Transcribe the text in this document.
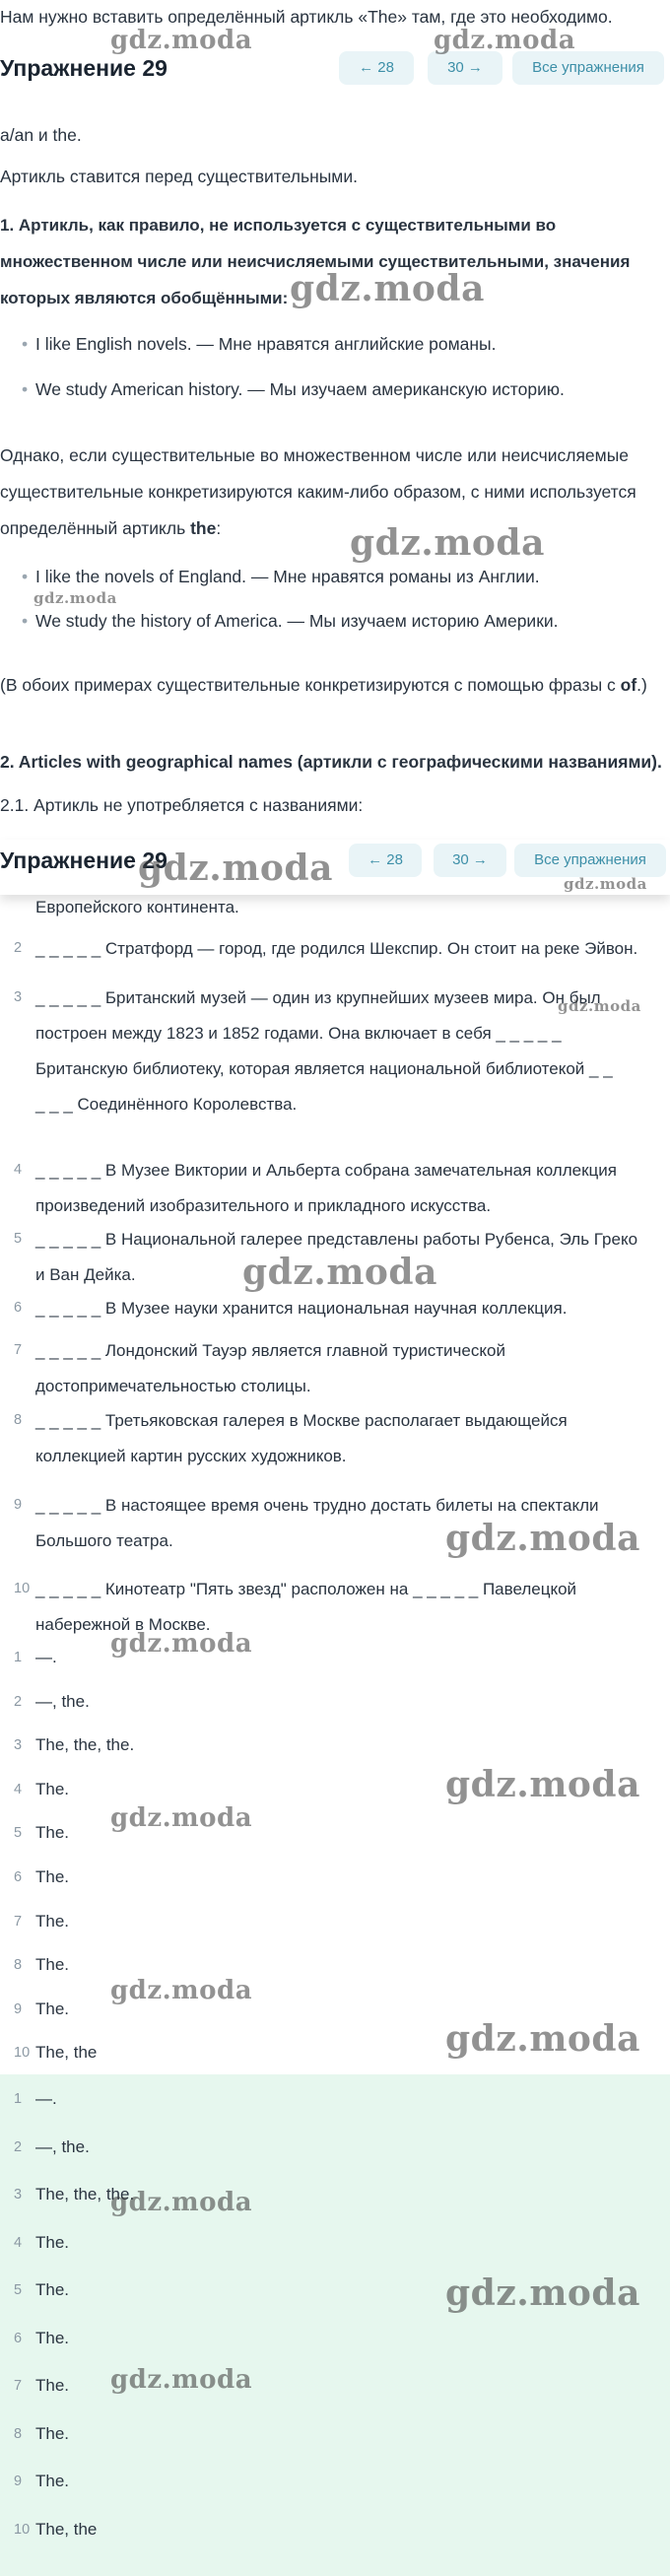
Нам нужно вставить определённый артикль «The» там, где это необходимо.
Упражнение 29	← 28	30 →	Все упражнения
a/an и the.
Артикль ставится перед существительными.
1. Артикль, как правило, не используется с существительными во множественном числе или неисчисляемыми существительными, значения которых являются обобщёнными:
• I like English novels. — Мне нравятся английские романы.
• We study American history. — Мы изучаем американскую историю.
Однако, если существительные во множественном числе или неисчисляемые существительные конкретизируются каким-либо образом, с ними используется определённый артикль the:
• I like the novels of England. — Мне нравятся романы из Англии.
• We study the history of America. — Мы изучаем историю Америки.
(В обоих примерах существительные конкретизируются с помощью фразы с of.)
2. Articles with geographical names (артикли с географическими названиями).
2.1. Артикль не употребляется с названиями:
Упражнение 29	← 28	30 →	Все упражнения
Европейского континента.
2 _ _ _ _ _ Стратфорд — город, где родился Шекспир. Он стоит на реке Эйвон.
3 _ _ _ _ _ Британский музей — один из крупнейших музеев мира. Он был
построен между 1823 и 1852 годами. Она включает в себя _ _ _ _ _
Британскую библиотеку, которая является национальной библиотекой _ _
_ _ _ Соединённого Королевства.
4 _ _ _ _ _ В Музее Виктории и Альберта собрана замечательная коллекция
произведений изобразительного и прикладного искусства.
5 _ _ _ _ _ В Национальной галерее представлены работы Рубенса, Эль Греко
и Ван Дейка.
6 _ _ _ _ _ В Музее науки хранится национальная научная коллекция.
7 _ _ _ _ _ Лондонский Тауэр является главной туристической
достопримечательностью столицы.
8 _ _ _ _ _ Третьяковская галерея в Москве располагает выдающейся
коллекцией картин русских художников.
9 _ _ _ _ _ В настоящее время очень трудно достать билеты на спектакли
Большого театра.
10 _ _ _ _ _ Кинотеатр "Пять звезд" расположен на _ _ _ _ _ Павелецкой
набережной в Москве.
1 —.
2 —, the.
3 The, the, the.
4 The.
5 The.
6 The.
7 The.
8 The.
9 The.
10 The, the
1 —.
2 —, the.
3 The, the, the.
4 The.
5 The.
6 The.
7 The.
8 The.
9 The.
10 The, the
gdz.moda	gdz.moda
gdz.moda
gdz.moda
gdz.moda
gdz.moda	gdz.moda
gdz.moda
gdz.moda
gdz.moda
gdz.moda
gdz.moda
gdz.moda
gdz.moda
gdz.moda
gdz.moda
gdz.moda
gdz.moda
